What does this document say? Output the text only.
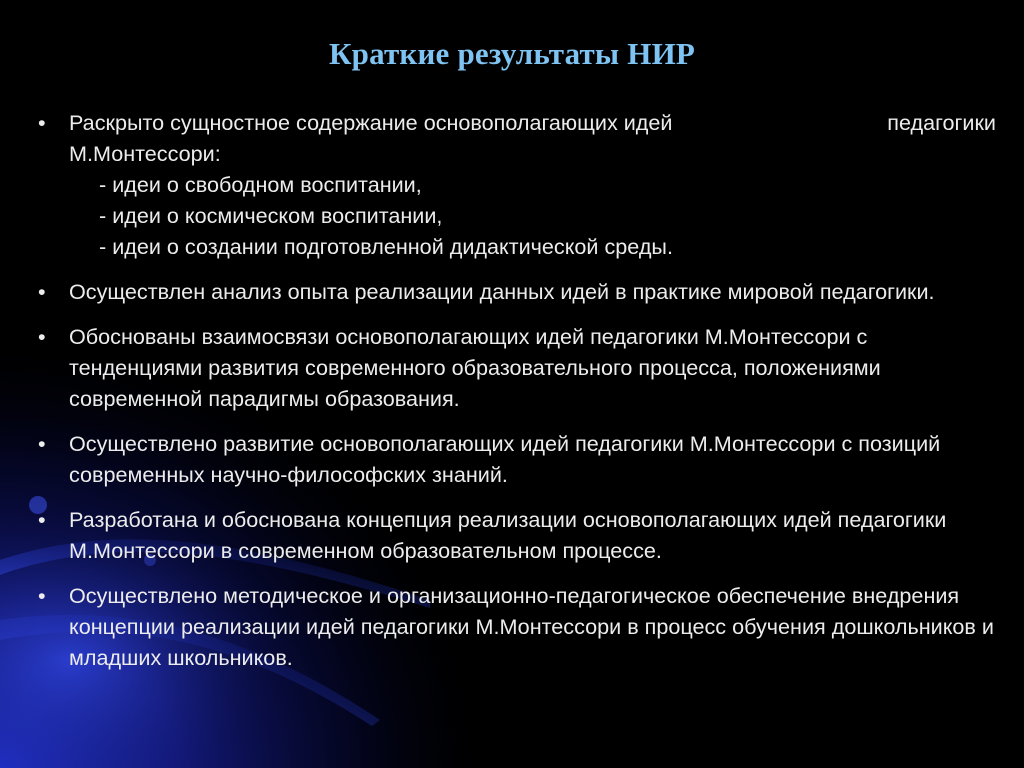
Краткие результаты НИР
• Раскрыто сущностное содержание основополагающих идей	педагогики
М.Монтессори:
- идеи о свободном воспитании,
- идеи о космическом воспитании,
- идеи о создании подготовленной дидактической среды.
• Осуществлен анализ опыта реализации данных идей в практике мировой педагогики.
• Обоснованы взаимосвязи основополагающих идей педагогики М.Монтессори с тенденциями развития современного образовательного процесса, положениями современной парадигмы образования.
• Осуществлено развитие основополагающих идей педагогики М.Монтессори с позиций современных научно-философских знаний.
• Разработана и обоснована концепция реализации основополагающих идей педагогики М.Монтессори в современном образовательном процессе.
• Осуществлено методическое и организационно-педагогическое обеспечение внедрения концепции реализации идей педагогики М.Монтессори в процесс обучения дошкольников и младших школьников.
